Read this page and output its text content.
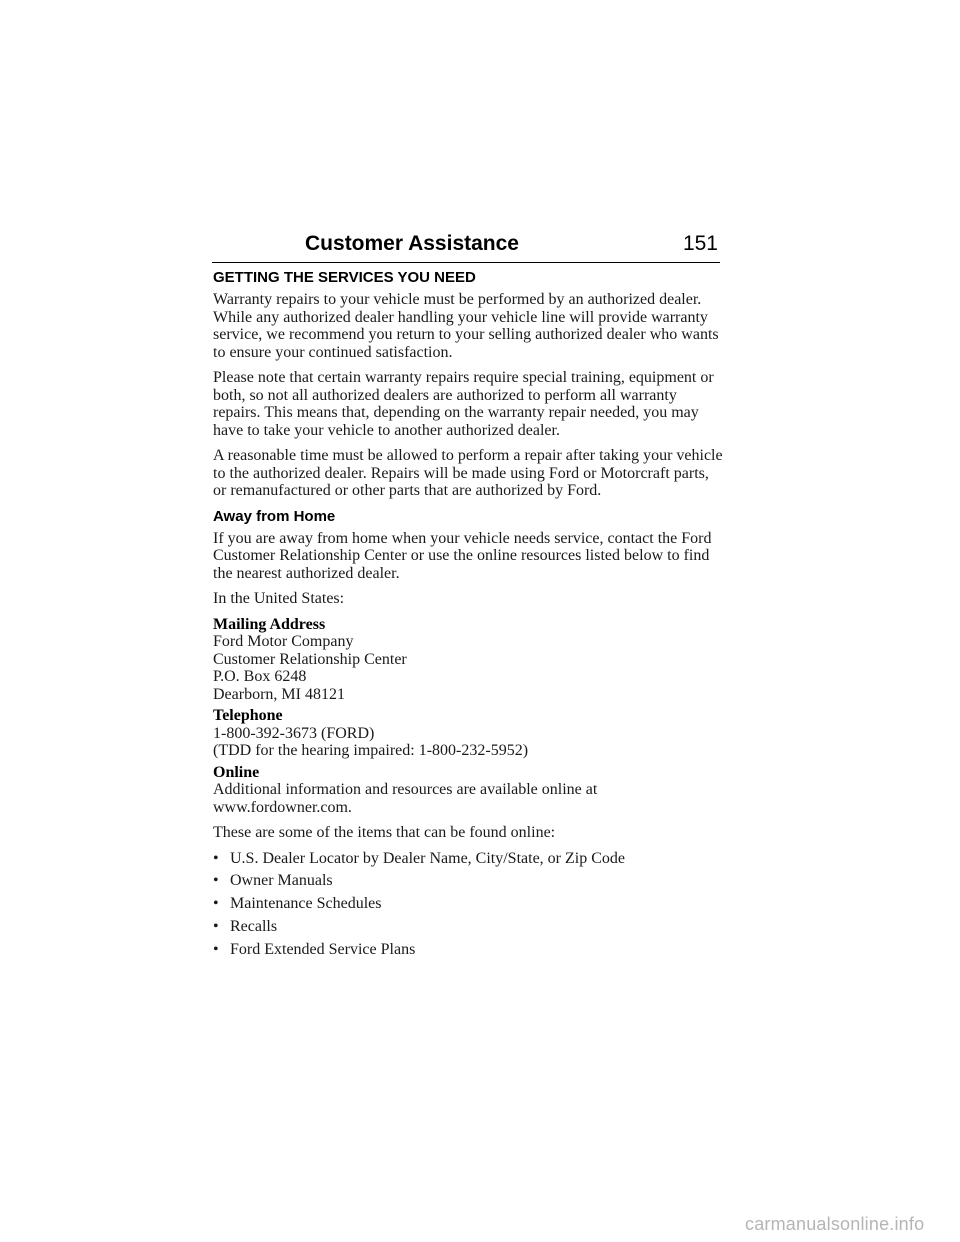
Customer Assistance	151
GETTING THE SERVICES YOU NEED

Warranty repairs to your vehicle must be performed by an authorized dealer. While any authorized dealer handling your vehicle line will provide warranty service, we recommend you return to your selling authorized dealer who wants to ensure your continued satisfaction.

Please note that certain warranty repairs require special training, equipment or both, so not all authorized dealers are authorized to perform all warranty repairs. This means that, depending on the warranty repair needed, you may have to take your vehicle to another authorized dealer.

A reasonable time must be allowed to perform a repair after taking your vehicle to the authorized dealer. Repairs will be made using Ford or Motorcraft parts, or remanufactured or other parts that are authorized by Ford.

Away from Home

If you are away from home when your vehicle needs service, contact the Ford Customer Relationship Center or use the online resources listed below to find the nearest authorized dealer.

In the United States:

Mailing Address
Ford Motor Company
Customer Relationship Center
P.O. Box 6248
Dearborn, MI 48121
Telephone
1-800-392-3673 (FORD)
(TDD for the hearing impaired: 1-800-232-5952)
Online
Additional information and resources are available online at www.fordowner.com.

These are some of the items that can be found online:

• U.S. Dealer Locator by Dealer Name, City/State, or Zip Code
• Owner Manuals
• Maintenance Schedules
• Recalls
• Ford Extended Service Plans
carmanualsonline.info
